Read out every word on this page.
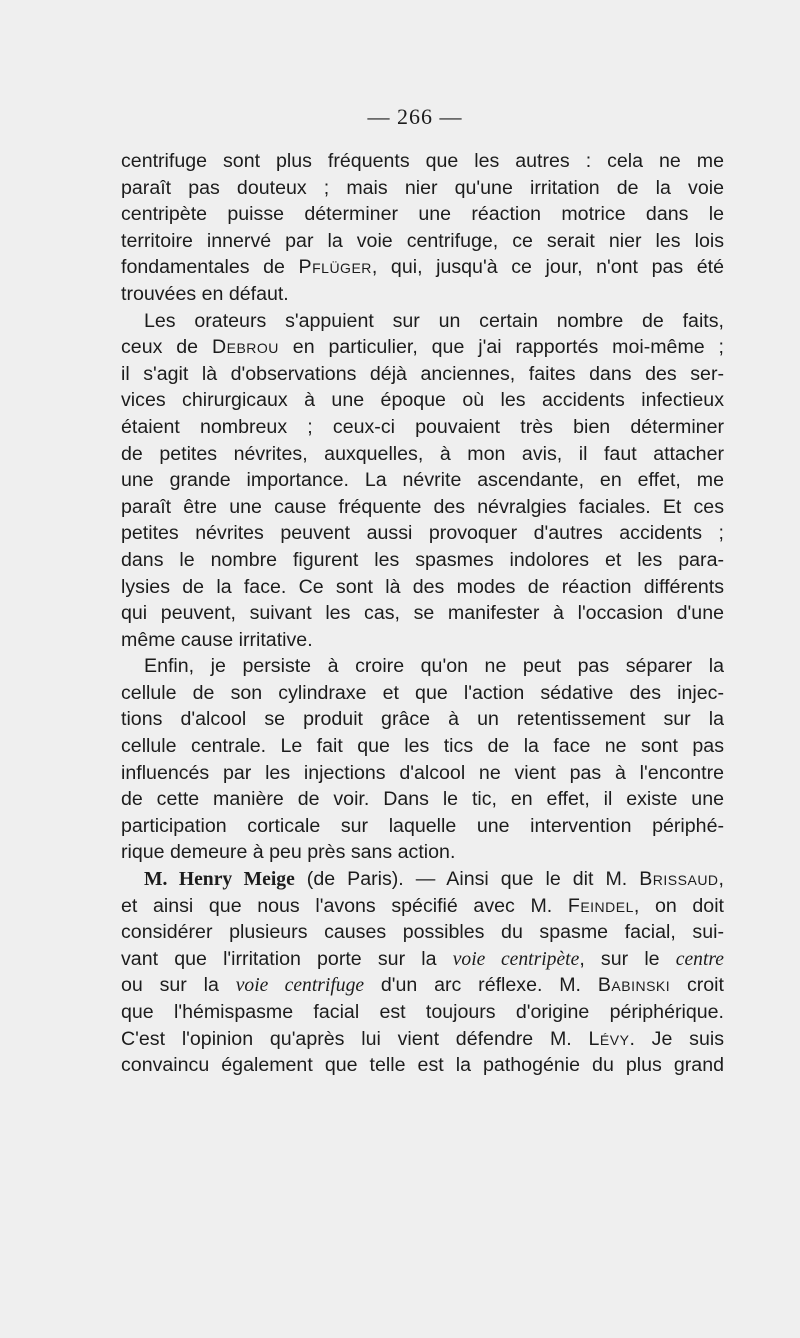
— 266 —
centrifuge sont plus fréquents que les autres : cela ne me
paraît pas douteux ; mais nier qu'une irritation de la voie
centripète puisse déterminer une réaction motrice dans le
territoire innervé par la voie centrifuge, ce serait nier les lois
fondamentales de Pflüger, qui, jusqu'à ce jour, n'ont pas été
trouvées en défaut.
Les orateurs s'appuient sur un certain nombre de faits,
ceux de Debrou en particulier, que j'ai rapportés moi-même ;
il s'agit là d'observations déjà anciennes, faites dans des ser-
vices chirurgicaux à une époque où les accidents infectieux
étaient nombreux ; ceux-ci pouvaient très bien déterminer
de petites névrites, auxquelles, à mon avis, il faut attacher
une grande importance. La névrite ascendante, en effet, me
paraît être une cause fréquente des névralgies faciales. Et ces
petites névrites peuvent aussi provoquer d'autres accidents ;
dans le nombre figurent les spasmes indolores et les para-
lysies de la face. Ce sont là des modes de réaction différents
qui peuvent, suivant les cas, se manifester à l'occasion d'une
même cause irritative.
Enfin, je persiste à croire qu'on ne peut pas séparer la
cellule de son cylindraxe et que l'action sédative des injec-
tions d'alcool se produit grâce à un retentissement sur la
cellule centrale. Le fait que les tics de la face ne sont pas
influencés par les injections d'alcool ne vient pas à l'encontre
de cette manière de voir. Dans le tic, en effet, il existe une
participation corticale sur laquelle une intervention périphé-
rique demeure à peu près sans action.
M. Henry Meige (de Paris). — Ainsi que le dit M. Brissaud,
et ainsi que nous l'avons spécifié avec M. Feindel, on doit
considérer plusieurs causes possibles du spasme facial, sui-
vant que l'irritation porte sur la voie centripète, sur le centre
ou sur la voie centrifuge d'un arc réflexe. M. Babinski croit
que l'hémispasme facial est toujours d'origine périphérique.
C'est l'opinion qu'après lui vient défendre M. Lévy. Je suis
convaincu également que telle est la pathogénie du plus grand
